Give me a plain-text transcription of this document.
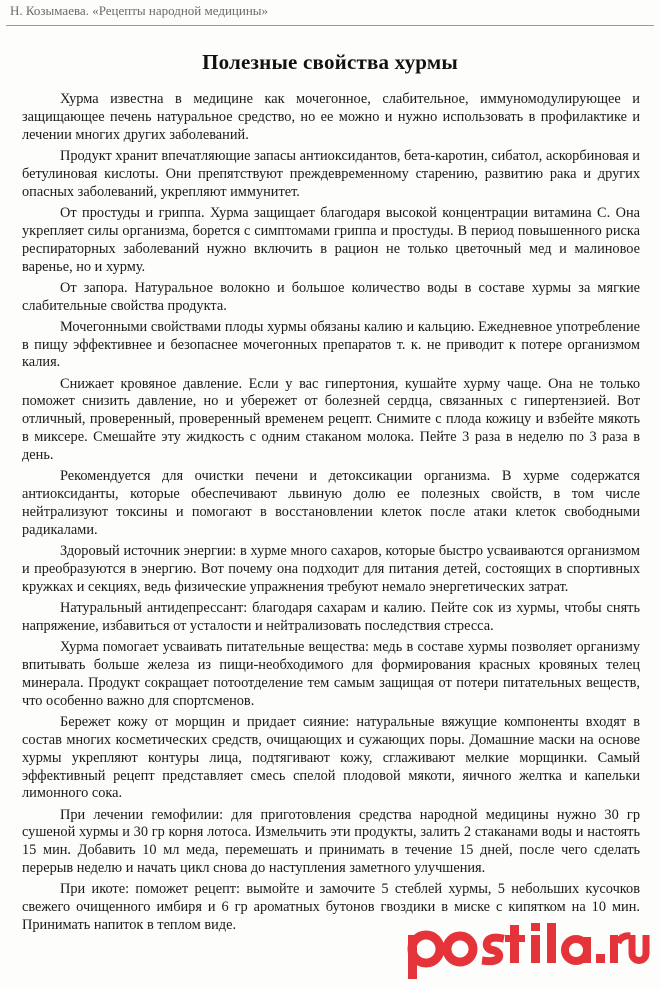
Н. Козымаева. «Рецепты народной медицины»
Полезные свойства хурмы

Хурма известна в медицине как мочегонное, слабительное, иммуномодулирующее и защищающее печень натуральное средство, но ее можно и нужно использовать в профилактике и лечении многих других заболеваний.

Продукт хранит впечатляющие запасы антиоксидантов, бета-каротин, сибатол, аскорбиновая и бетулиновая кислоты. Они препятствуют преждевременному старению, развитию рака и других опасных заболеваний, укрепляют иммунитет.

От простуды и гриппа. Хурма защищает благодаря высокой концентрации витамина С. Она укрепляет силы организма, борется с симптомами гриппа и простуды. В период повышенного риска респираторных заболеваний нужно включить в рацион не только цветочный мед и малиновое варенье, но и хурму.

От запора. Натуральное волокно и большое количество воды в составе хурмы за мягкие слабительные свойства продукта.

Мочегонными свойствами плоды хурмы обязаны калию и кальцию. Ежедневное употребление в пищу эффективнее и безопаснее мочегонных препаратов т. к. не приводит к потере организмом калия.

Снижает кровяное давление. Если у вас гипертония, кушайте хурму чаще. Она не только поможет снизить давление, но и убережет от болезней сердца, связанных с гипертензией. Вот отличный, проверенный, проверенный временем рецепт. Снимите с плода кожицу и взбейте мякоть в миксере. Смешайте эту жидкость с одним стаканом молока. Пейте 3 раза в неделю по 3 раза в день.

Рекомендуется для очистки печени и детоксикации организма. В хурме содержатся антиоксиданты, которые обеспечивают львиную долю ее полезных свойств, в том числе нейтрализуют токсины и помогают в восстановлении клеток после атаки клеток свободными радикалами.

Здоровый источник энергии: в хурме много сахаров, которые быстро усваиваются организмом и преобразуются в энергию. Вот почему она подходит для питания детей, состоящих в спортивных кружках и секциях, ведь физические упражнения требуют немало энергетических затрат.

Натуральный антидепрессант: благодаря сахарам и калию. Пейте сок из хурмы, чтобы снять напряжение, избавиться от усталости и нейтрализовать последствия стресса.

Хурма помогает усваивать питательные вещества: медь в составе хурмы позволяет организму впитывать больше железа из пищи-необходимого для формирования красных кровяных телец минерала. Продукт сокращает потоотделение тем самым защищая от потери питательных веществ, что особенно важно для спортсменов.

Бережет кожу от морщин и придает сияние: натуральные вяжущие компоненты входят в состав многих косметических средств, очищающих и сужающих поры. Домашние маски на основе хурмы укрепляют контуры лица, подтягивают кожу, сглаживают мелкие морщинки. Самый эффективный рецепт представляет смесь спелой плодовой мякоти, яичного желтка и капельки лимонного сока.

При лечении гемофилии: для приготовления средства народной медицины нужно 30 гр сушеной хурмы и 30 гр корня лотоса. Измельчить эти продукты, залить 2 стаканами воды и настоять 15 мин. Добавить 10 мл меда, перемешать и принимать в течение 15 дней, после чего сделать перерыв неделю и начать цикл снова до наступления заметного улучшения.

При икоте: поможет рецепт: вымойте и замочите 5 стеблей хурмы, 5 небольших кусочков свежего очищенного имбиря и 6 гр ароматных бутонов гвоздики в миске с кипятком на 10 мин. Принимать напиток в теплом виде.
